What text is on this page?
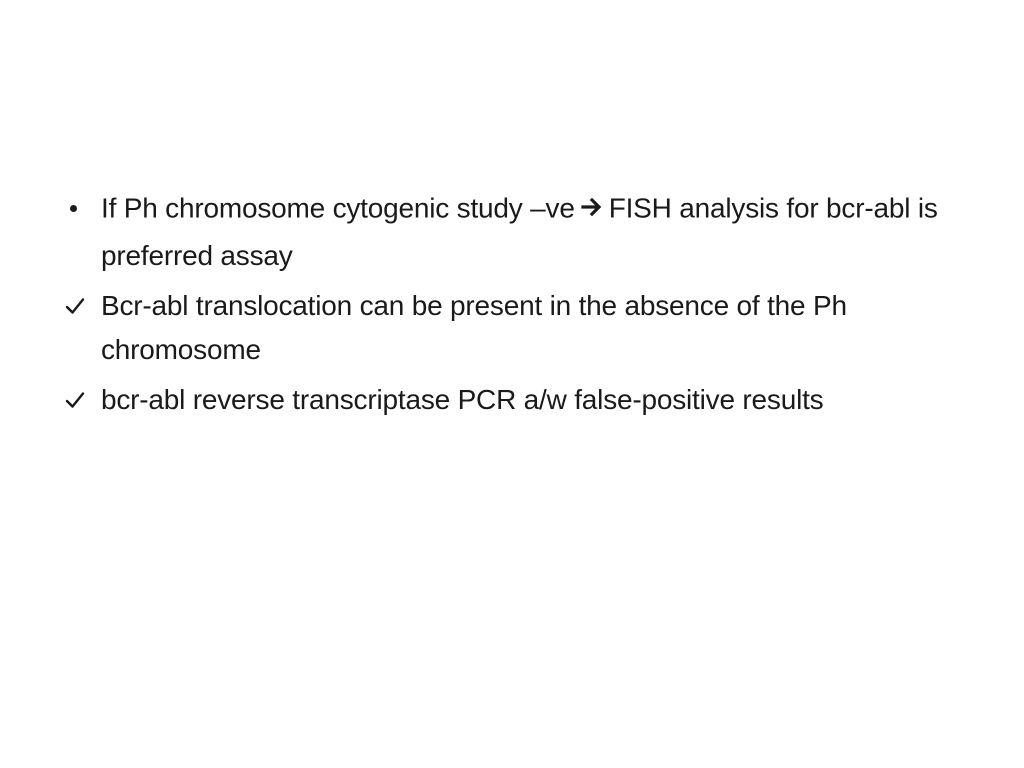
If Ph chromosome cytogenic study –ve FISH analysis for bcr-abl is preferred assay
Bcr-abl translocation can be present in the absence of the Ph chromosome
bcr-abl reverse transcriptase PCR a/w false-positive results
